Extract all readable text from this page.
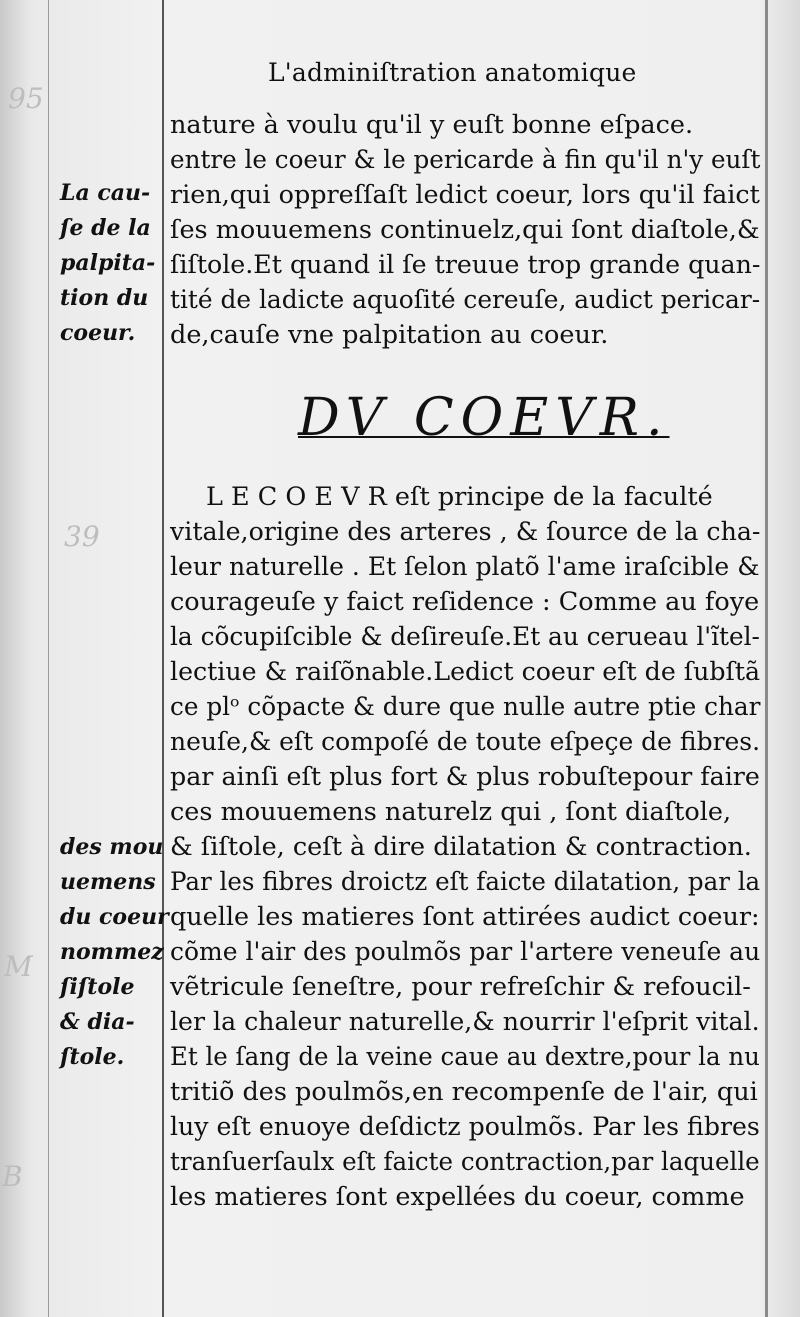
95
39
M
B
L'adminiſtration anatomique
La cau-
ſe de la
palpita-
tion du
coeur.
des mou
uemens
du coeur
nommez
ſiſtole
& dia-
ſtole.
nature à voulu qu'il y euſt bonne eſpace.
entre le coeur & le pericarde à fin qu'il n'y euſt
rien,qui oppreſſaſt ledict coeur, lors qu'il faict
ſes mouuemens continuelz,qui ſont diaſtole,&
ſiſtole.Et quand il ſe treuue trop grande quan-
tité de ladicte aquoſité cereuſe, audict pericar-
de,cauſe vne palpitation au coeur.
L E C O E V R eſt principe de la faculté
vitale,origine des arteres , & ſource de la cha-
leur naturelle . Et ſelon platõ l'ame iraſcible &
courageuſe y faict reſidence : Comme au foye
la cõcupiſcible & deſireuſe.Et au cerueau l'ĩtel-
lectiue & raiſõnable.Ledict coeur eſt de ſubſtã
ce plᵒ cõpacte & dure que nulle autre ptie char
neuſe,& eſt compoſé de toute eſpeçe de fibres.
par ainſi eſt plus fort & plus robuſtepour faire
ces mouuemens naturelz qui , ſont diaſtole,
& ſiſtole, ceſt à dire dilatation & contraction.
Par les fibres droictz eſt faicte dilatation, par la
quelle les matieres ſont attirées audict coeur:
cõme l'air des poulmõs par l'artere veneuſe au
vẽtricule ſeneſtre, pour refreſchir & refoucil-
ler la chaleur naturelle,& nourrir l'eſprit vital.
Et le ſang de la veine caue au dextre,pour la nu
tritiõ des poulmõs,en recompenſe de l'air, qui
luy eſt enuoye deſdictz poulmõs. Par les fibres
tranſuerſaulx eſt faicte contraction,par laquelle
les matieres ſont expellées du coeur, comme
DV COEVR.
